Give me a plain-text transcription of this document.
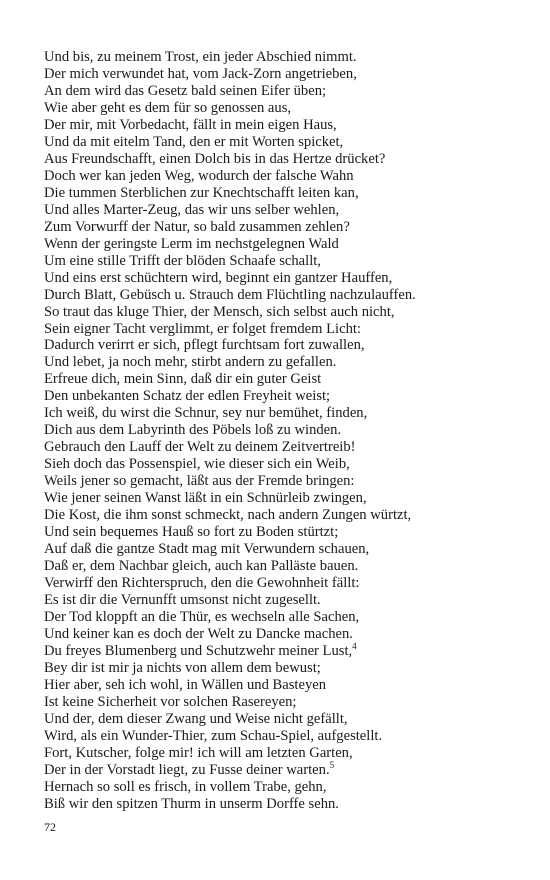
Und bis, zu meinem Trost, ein jeder Abschied nimmt.
Der mich verwundet hat, vom Jack-Zorn angetrieben,
An dem wird das Gesetz bald seinen Eifer üben;
Wie aber geht es dem für so genossen aus,
Der mir, mit Vorbedacht, fällt in mein eigen Haus,
Und da mit eitelm Tand, den er mit Worten spicket,
Aus Freundschafft, einen Dolch bis in das Hertze drücket?
Doch wer kan jeden Weg, wodurch der falsche Wahn
Die tummen Sterblichen zur Knechtschafft leiten kan,
Und alles Marter-Zeug, das wir uns selber wehlen,
Zum Vorwurff der Natur, so bald zusammen zehlen?
Wenn der geringste Lerm im nechstgelegnen Wald
Um eine stille Trifft der blöden Schaafe schallt,
Und eins erst schüchtern wird, beginnt ein gantzer Hauffen,
Durch Blatt, Gebüsch u. Strauch dem Flüchtling nachzulauffen.
So traut das kluge Thier, der Mensch, sich selbst auch nicht,
Sein eigner Tacht verglimmt, er folget fremdem Licht:
Dadurch verirrt er sich, pflegt furchtsam fort zuwallen,
Und lebet, ja noch mehr, stirbt andern zu gefallen.
Erfreue dich, mein Sinn, daß dir ein guter Geist
Den unbekanten Schatz der edlen Freyheit weist;
Ich weiß, du wirst die Schnur, sey nur bemühet, finden,
Dich aus dem Labyrinth des Pöbels loß zu winden.
Gebrauch den Lauff der Welt zu deinem Zeitvertreib!
Sieh doch das Possenspiel, wie dieser sich ein Weib,
Weils jener so gemacht, läßt aus der Fremde bringen:
Wie jener seinen Wanst läßt in ein Schnürleib zwingen,
Die Kost, die ihm sonst schmeckt, nach andern Zungen würtzt,
Und sein bequemes Hauß so fort zu Boden stürtzt;
Auf daß die gantze Stadt mag mit Verwundern schauen,
Daß er, dem Nachbar gleich, auch kan Palläste bauen.
Verwirff den Richterspruch, den die Gewohnheit fällt:
Es ist dir die Vernunfft umsonst nicht zugesellt.
Der Tod kloppft an die Thür, es wechseln alle Sachen,
Und keiner kan es doch der Welt zu Dancke machen.
Du freyes Blumenberg und Schutzwehr meiner Lust,$^4$
Bey dir ist mir ja nichts von allem dem bewust;
Hier aber, seh ich wohl, in Wällen und Basteyen
Ist keine Sicherheit vor solchen Rasereyen;
Und der, dem dieser Zwang und Weise nicht gefällt,
Wird, als ein Wunder-Thier, zum Schau-Spiel, aufgestellt.
Fort, Kutscher, folge mir! ich will am letzten Garten,
Der in der Vorstadt liegt, zu Fusse deiner warten.$^5$
Hernach so soll es frisch, in vollem Trabe, gehn,
Biß wir den spitzen Thurm in unserm Dorffe sehn.
72
